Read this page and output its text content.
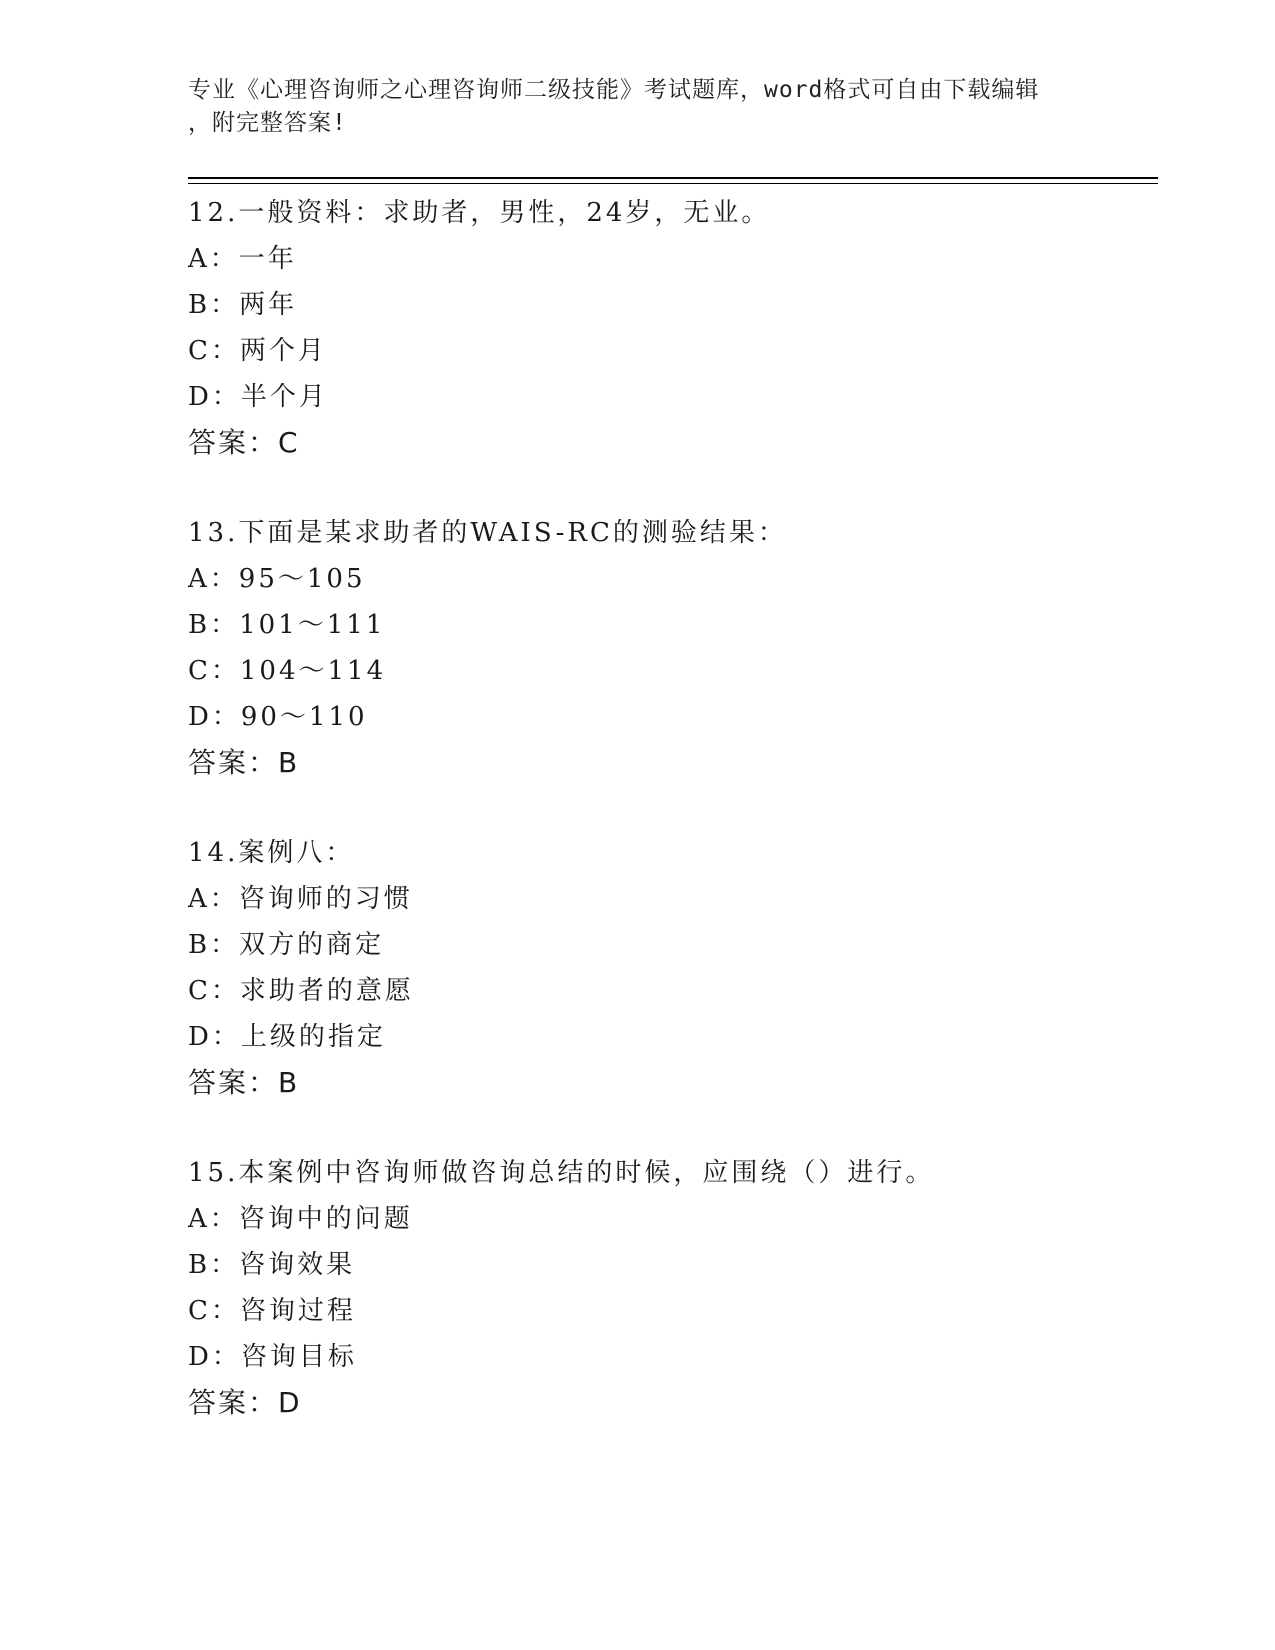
专业《心理咨询师之心理咨询师二级技能》考试题库，word格式可自由下载编辑
，附完整答案!
12.一般资料：求助者，男性，24岁，无业。
A：一年
B：两年
C：两个月
D：半个月
答案：C
13.下面是某求助者的WAIS-RC的测验结果：
A：95～105
B：101～111
C：104～114
D：90～110
答案：B
14.案例八：
A：咨询师的习惯
B：双方的商定
C：求助者的意愿
D：上级的指定
答案：B
15.本案例中咨询师做咨询总结的时候，应围绕（）进行。
A：咨询中的问题
B：咨询效果
C：咨询过程
D：咨询目标
答案：D
